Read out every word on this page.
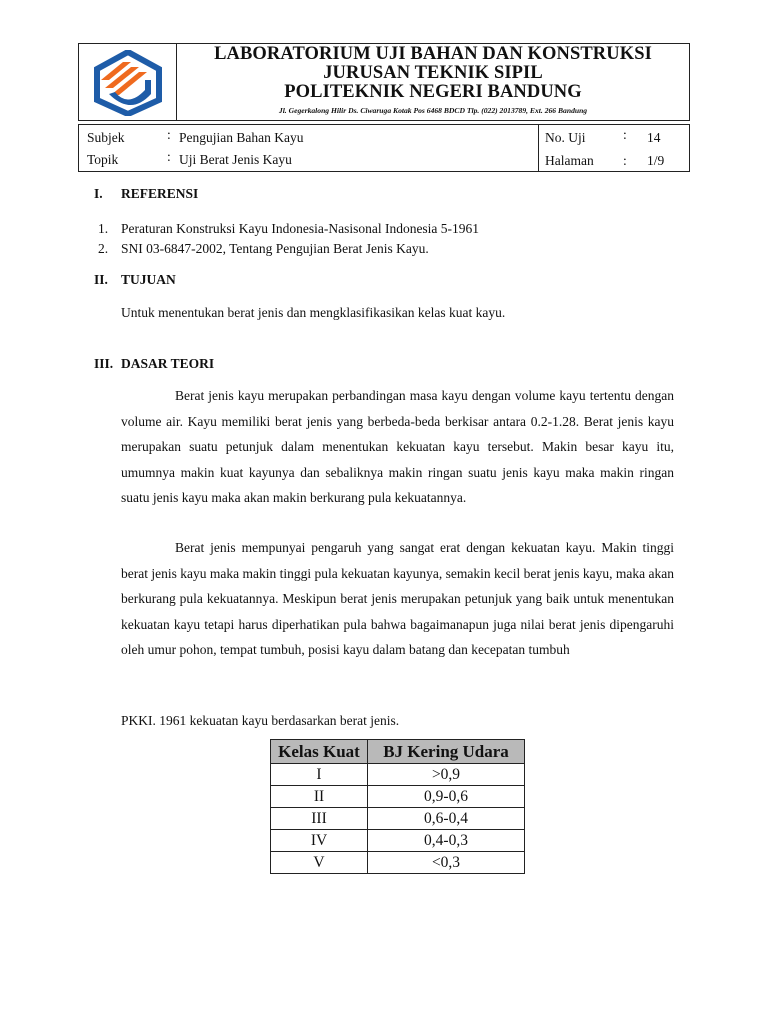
LABORATORIUM UJI BAHAN DAN KONSTRUKSI
JURUSAN TEKNIK SIPIL
POLITEKNIK NEGERI BANDUNG
Jl. Gegerkalong Hilir Ds. Ciwaruga Kotak Pos 6468 BDCD Tlp. (022) 2013789, Ext. 266 Bandung
Subjek	: Pengujian Bahan Kayu
Topik	: Uji Berat Jenis Kayu
No. Uji	: 14
Halaman : 1/9
I. REFERENSI
1. Peraturan Konstruksi Kayu Indonesia-Nasisonal Indonesia 5-1961
2. SNI 03-6847-2002, Tentang Pengujian Berat Jenis Kayu.
II. TUJUAN
Untuk menentukan berat jenis dan mengklasifikasikan kelas kuat kayu.
III. DASAR TEORI
Berat jenis kayu merupakan perbandingan masa kayu dengan volume kayu tertentu dengan volume air. Kayu memiliki berat jenis yang berbeda-beda berkisar antara 0.2-1.28. Berat jenis kayu merupakan suatu petunjuk dalam menentukan kekuatan kayu tersebut. Makin besar kayu itu, umumnya makin kuat kayunya dan sebaliknya makin ringan suatu jenis kayu maka makin ringan suatu jenis kayu maka akan makin berkurang pula kekuatannya.
Berat jenis mempunyai pengaruh yang sangat erat dengan kekuatan kayu. Makin tinggi berat jenis kayu maka makin tinggi pula kekuatan kayunya, semakin kecil berat jenis kayu, maka akan berkurang pula kekuatannya. Meskipun berat jenis merupakan petunjuk yang baik untuk menentukan kekuatan kayu tetapi harus diperhatikan pula bahwa bagaimanapun juga nilai berat jenis dipengaruhi oleh umur pohon, tempat tumbuh, posisi kayu dalam batang dan kecepatan tumbuh
PKKI. 1961 kekuatan kayu berdasarkan berat jenis.
Kelas Kuat	BJ Kering Udara
I	>0,9
II	0,9-0,6
III	0,6-0,4
IV	0,4-0,3
V	<0,3
